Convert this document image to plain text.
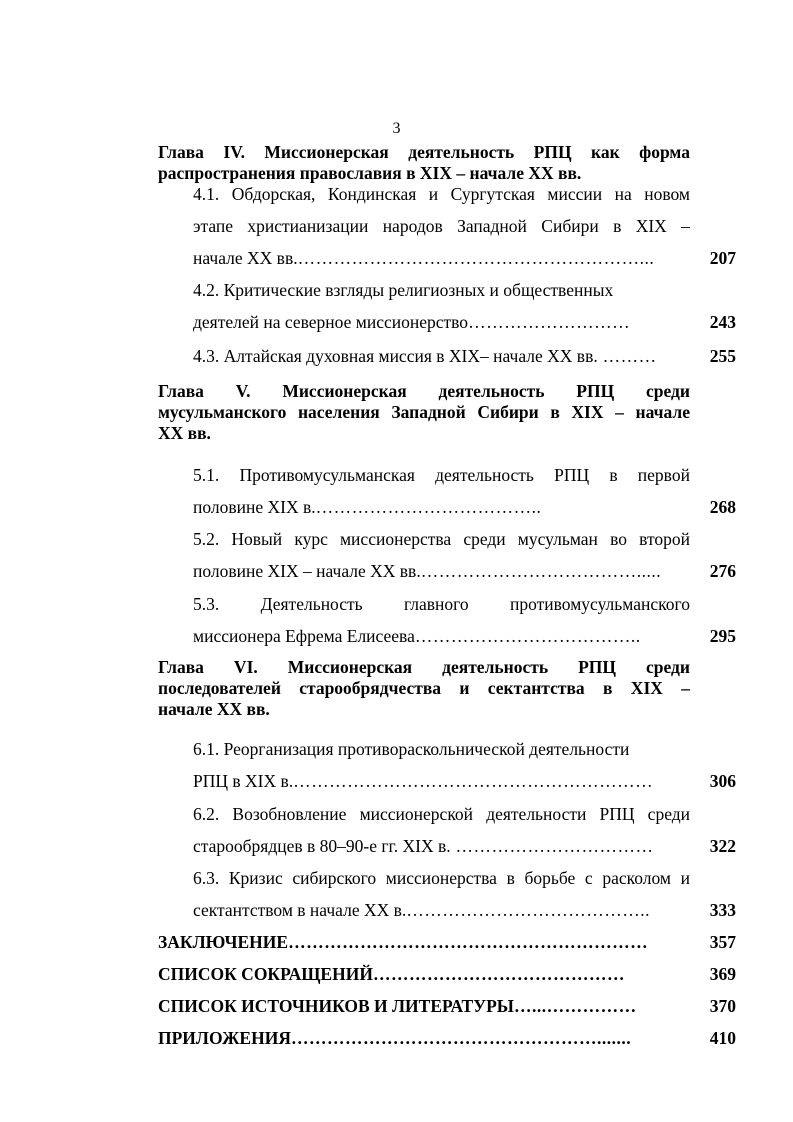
3
Глава IV. Миссионерская деятельность РПЦ как форма
распространения православия в XIX – начале XX вв.
4.1. Обдорская, Кондинская и Сургутская миссии на новом
этапе христианизации народов Западной Сибири в XIX –
начале XX вв.…………………………………………………...	207
4.2. Критические взгляды религиозных и общественных
деятелей на северное миссионерство………………………	243
4.3. Алтайская духовная миссия в XIX– начале XX вв. ………	255
Глава V. Миссионерская деятельность РПЦ среди
мусульманского населения Западной Сибири в XIX – начале
XX вв.
5.1. Противомусульманская деятельность РПЦ в первой
половине XIX в.………………………………..	268
5.2. Новый курс миссионерства среди мусульман во второй
половине XIX – начале XX вв.……………………………….....	276
5.3. Деятельность главного противомусульманского
миссионера Ефрема Елисеева………………………………..	295
Глава VI. Миссионерская деятельность РПЦ среди
последователей старообрядчества и сектантства в XIX –
начале XX вв.
6.1. Реорганизация противораскольнической деятельности
РПЦ в XIX в.……………………………………………………	306
6.2. Возобновление миссионерской деятельности РПЦ среди
старообрядцев в 80–90-е гг. XIX в. ……………………………	322
6.3. Кризис сибирского миссионерства в борьбе с расколом и
сектантством в начале XX в.…………………………………..	333
ЗАКЛЮЧЕНИЕ……………………………………………………	357
СПИСОК СОКРАЩЕНИЙ……………………………………	369
СПИСОК ИСТОЧНИКОВ И ЛИТЕРАТУРЫ…...……………	370
ПРИЛОЖЕНИЯ…………………………………………….......	410
